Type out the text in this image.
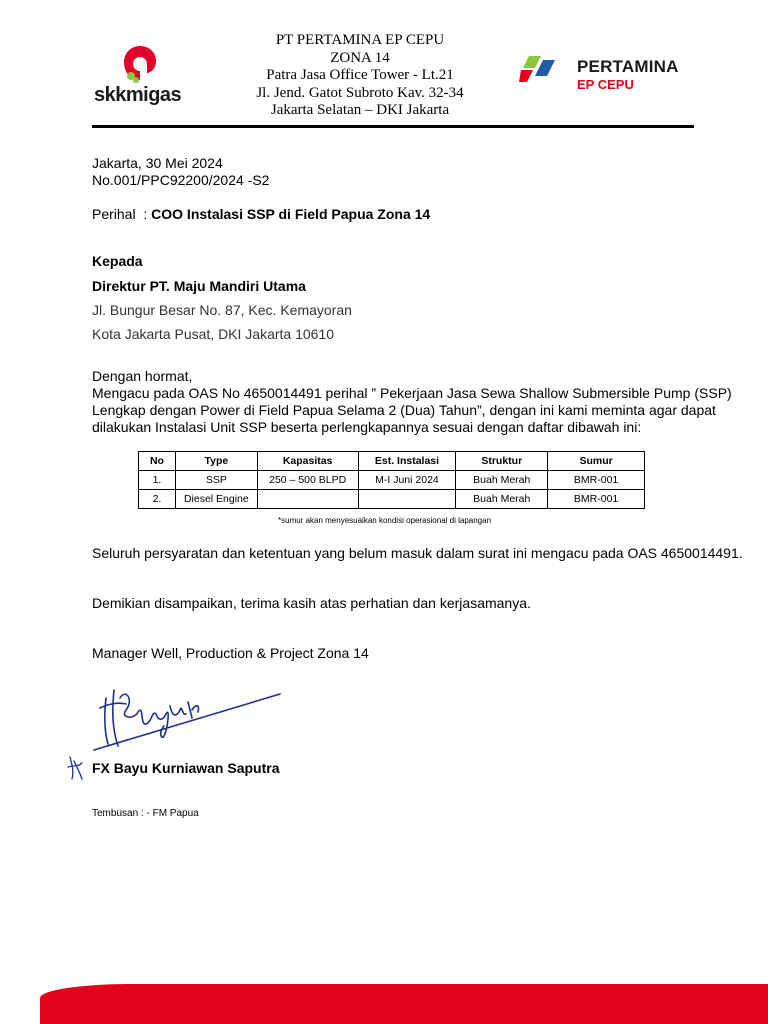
skkmigas
PT PERTAMINA EP CEPU
ZONA 14
Patra Jasa Office Tower - Lt.21
Jl. Jend. Gatot Subroto Kav. 32-34
Jakarta Selatan – DKI Jakarta
PERTAMINA
EP CEPU
Jakarta, 30 Mei 2024
No.001/PPC92200/2024 -S2
Perihal  : COO Instalasi SSP di Field Papua Zona 14
Kepada
Direktur PT. Maju Mandiri Utama
Jl. Bungur Besar No. 87, Kec. Kemayoran
Kota Jakarta Pusat, DKI Jakarta 10610
Dengan hormat,
Mengacu pada OAS No 4650014491 perihal ” Pekerjaan Jasa Sewa Shallow Submersible Pump (SSP)
Lengkap dengan Power di Field Papua Selama 2 (Dua) Tahun”, dengan ini kami meminta agar dapat
dilakukan Instalasi Unit SSP beserta perlengkapannya sesuai dengan daftar dibawah ini:
No	Type	Kapasitas	Est. Instalasi	Struktur	Sumur
1.	SSP	250 – 500 BLPD	M-I Juni 2024	Buah Merah	BMR-001
2.	Diesel Engine			Buah Merah	BMR-001
*sumur akan menyesuaikan kondisi operasional di lapangan
Seluruh persyaratan dan ketentuan yang belum masuk dalam surat ini mengacu pada OAS 4650014491.
Demikian disampaikan, terima kasih atas perhatian dan kerjasamanya.
Manager Well, Production & Project Zona 14
FX Bayu Kurniawan Saputra
Tembusan : - FM Papua
